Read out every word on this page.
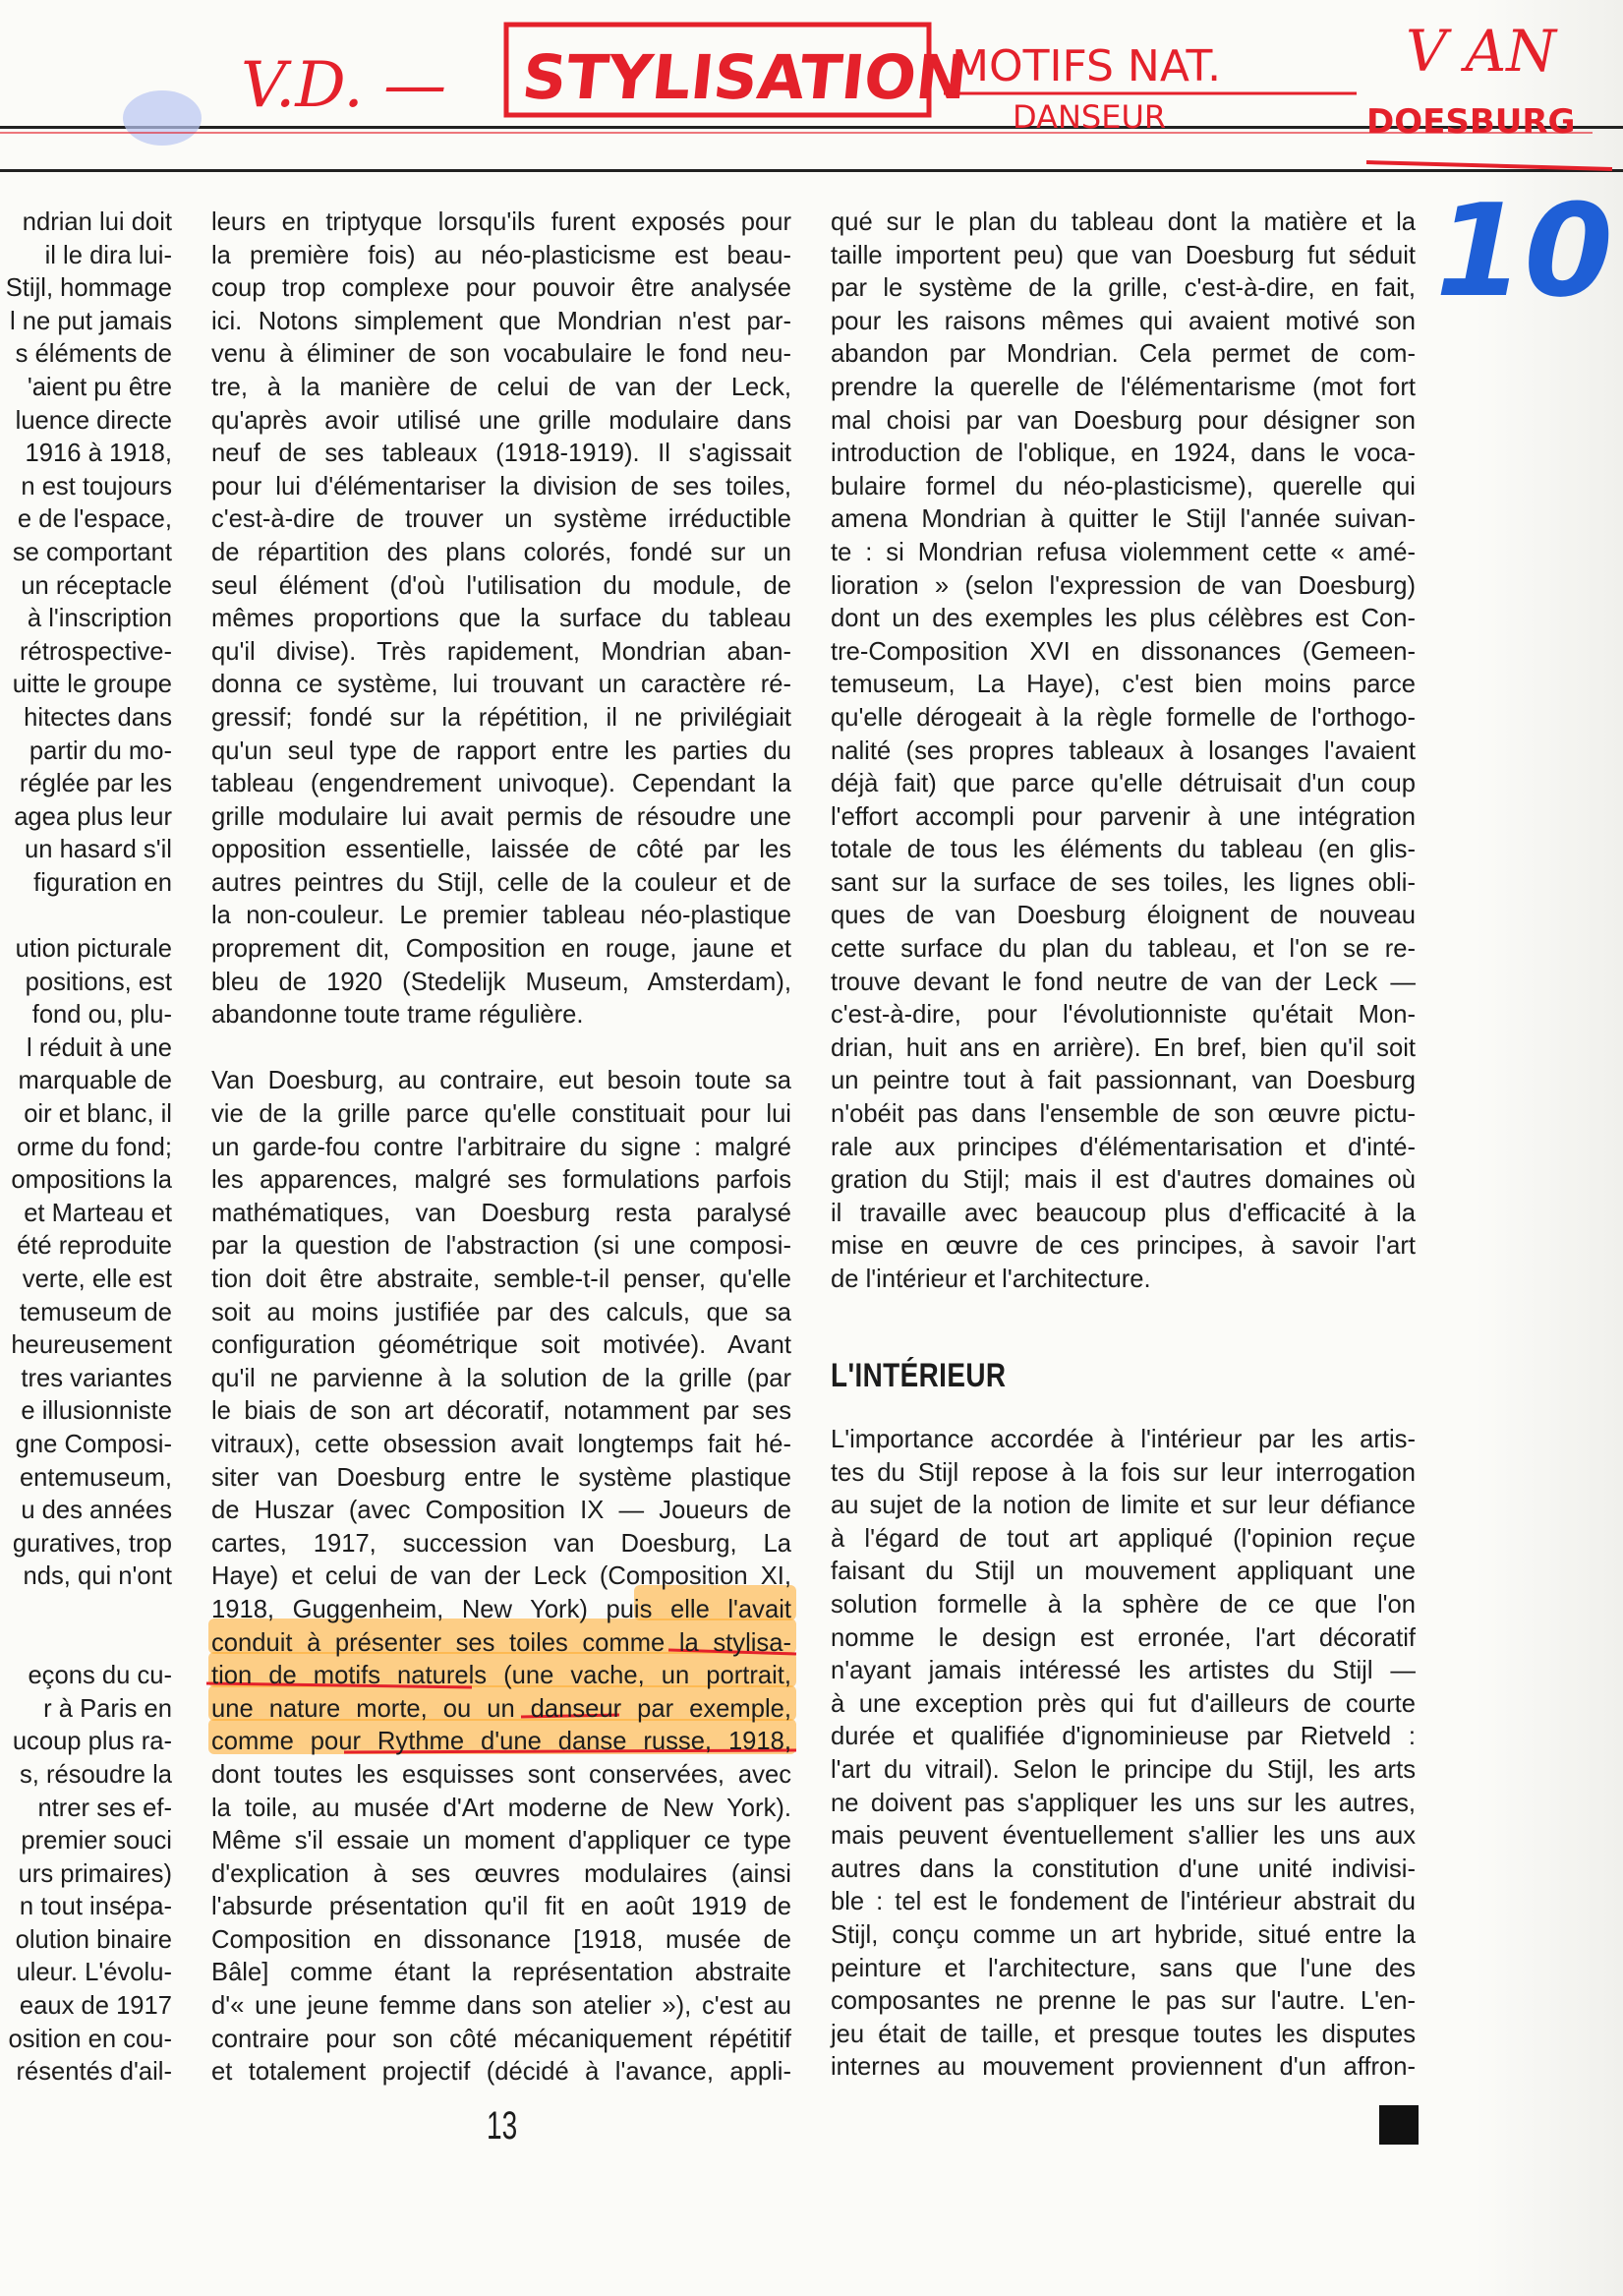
V.D. — STYLISATION
MOTIFS NAT.
DANSEUR
V AN
DOESBURG
10
ndrian lui doit
il le dira lui-
Stijl, hommage
l ne put jamais
s éléments de
'aient pu être
luence directe
1916 à 1918,
n est toujours
e de l'espace,
se comportant
un réceptacle
à l'inscription
rétrospective-
uitte le groupe
hitectes dans
partir du mo-
réglée par les
agea plus leur
un hasard s'il
figuration en
ution picturale
positions, est
fond ou, plu-
l réduit à une
marquable de
oir et blanc, il
orme du fond;
ompositions la
et Marteau et
été reproduite
verte, elle est
temuseum de
heureusement
tres variantes
e illusionniste
gne Composi-
entemuseum,
u des années
guratives, trop
nds, qui n'ont
eçons du cu-
r à Paris en
ucoup plus ra-
s, résoudre la
ntrer ses ef-
premier souci
urs primaires)
n tout insépa-
olution binaire
uleur. L'évolu-
eaux de 1917
osition en cou-
résentés d'ail-
leurs en triptyque lorsqu'ils furent exposés pour
la première fois) au néo-plasticisme est beau-
coup trop complexe pour pouvoir être analysée
ici. Notons simplement que Mondrian n'est par-
venu à éliminer de son vocabulaire le fond neu-
tre, à la manière de celui de van der Leck,
qu'après avoir utilisé une grille modulaire dans
neuf de ses tableaux (1918-1919). Il s'agissait
pour lui d'élémentariser la division de ses toiles,
c'est-à-dire de trouver un système irréductible
de répartition des plans colorés, fondé sur un
seul élément (d'où l'utilisation du module, de
mêmes proportions que la surface du tableau
qu'il divise). Très rapidement, Mondrian aban-
donna ce système, lui trouvant un caractère ré-
gressif; fondé sur la répétition, il ne privilégiait
qu'un seul type de rapport entre les parties du
tableau (engendrement univoque). Cependant la
grille modulaire lui avait permis de résoudre une
opposition essentielle, laissée de côté par les
autres peintres du Stijl, celle de la couleur et de
la non-couleur. Le premier tableau néo-plastique
proprement dit, Composition en rouge, jaune et
bleu de 1920 (Stedelijk Museum, Amsterdam),
abandonne toute trame régulière.
Van Doesburg, au contraire, eut besoin toute sa
vie de la grille parce qu'elle constituait pour lui
un garde-fou contre l'arbitraire du signe : malgré
les apparences, malgré ses formulations parfois
mathématiques, van Doesburg resta paralysé
par la question de l'abstraction (si une composi-
tion doit être abstraite, semble-t-il penser, qu'elle
soit au moins justifiée par des calculs, que sa
configuration géométrique soit motivée). Avant
qu'il ne parvienne à la solution de la grille (par
le biais de son art décoratif, notamment par ses
vitraux), cette obsession avait longtemps fait hé-
siter van Doesburg entre le système plastique
de Huszar (avec Composition IX — Joueurs de
cartes, 1917, succession van Doesburg, La
Haye) et celui de van der Leck (Composition XI,
1918, Guggenheim, New York) puis elle l'avait
conduit à présenter ses toiles comme la stylisa-
tion de motifs naturels (une vache, un portrait,
une nature morte, ou un danseur par exemple,
comme pour Rythme d'une danse russe, 1918,
dont toutes les esquisses sont conservées, avec
la toile, au musée d'Art moderne de New York).
Même s'il essaie un moment d'appliquer ce type
d'explication à ses œuvres modulaires (ainsi
l'absurde présentation qu'il fit en août 1919 de
Composition en dissonance [1918, musée de
Bâle] comme étant la représentation abstraite
d'« une jeune femme dans son atelier »), c'est au
contraire pour son côté mécaniquement répétitif
et totalement projectif (décidé à l'avance, appli-
qué sur le plan du tableau dont la matière et la
taille importent peu) que van Doesburg fut séduit
par le système de la grille, c'est-à-dire, en fait,
pour les raisons mêmes qui avaient motivé son
abandon par Mondrian. Cela permet de com-
prendre la querelle de l'élémentarisme (mot fort
mal choisi par van Doesburg pour désigner son
introduction de l'oblique, en 1924, dans le voca-
bulaire formel du néo-plasticisme), querelle qui
amena Mondrian à quitter le Stijl l'année suivan-
te : si Mondrian refusa violemment cette « amé-
lioration » (selon l'expression de van Doesburg)
dont un des exemples les plus célèbres est Con-
tre-Composition XVI en dissonances (Gemeen-
temuseum, La Haye), c'est bien moins parce
qu'elle dérogeait à la règle formelle de l'orthogo-
nalité (ses propres tableaux à losanges l'avaient
déjà fait) que parce qu'elle détruisait d'un coup
l'effort accompli pour parvenir à une intégration
totale de tous les éléments du tableau (en glis-
sant sur la surface de ses toiles, les lignes obli-
ques de van Doesburg éloignent de nouveau
cette surface du plan du tableau, et l'on se re-
trouve devant le fond neutre de van der Leck —
c'est-à-dire, pour l'évolutionniste qu'était Mon-
drian, huit ans en arrière). En bref, bien qu'il soit
un peintre tout à fait passionnant, van Doesburg
n'obéit pas dans l'ensemble de son œuvre pictu-
rale aux principes d'élémentarisation et d'inté-
gration du Stijl; mais il est d'autres domaines où
il travaille avec beaucoup plus d'efficacité à la
mise en œuvre de ces principes, à savoir l'art
de l'intérieur et l'architecture.
L'INTÉRIEUR
L'importance accordée à l'intérieur par les artis-
tes du Stijl repose à la fois sur leur interrogation
au sujet de la notion de limite et sur leur défiance
à l'égard de tout art appliqué (l'opinion reçue
faisant du Stijl un mouvement appliquant une
solution formelle à la sphère de ce que l'on
nomme le design est erronée, l'art décoratif
n'ayant jamais intéressé les artistes du Stijl —
à une exception près qui fut d'ailleurs de courte
durée et qualifiée d'ignominieuse par Rietveld :
l'art du vitrail). Selon le principe du Stijl, les arts
ne doivent pas s'appliquer les uns sur les autres,
mais peuvent éventuellement s'allier les uns aux
autres dans la constitution d'une unité indivisi-
ble : tel est le fondement de l'intérieur abstrait du
Stijl, conçu comme un art hybride, situé entre la
peinture et l'architecture, sans que l'une des
composantes ne prenne le pas sur l'autre. L'en-
jeu était de taille, et presque toutes les disputes
internes au mouvement proviennent d'un affron-
13
